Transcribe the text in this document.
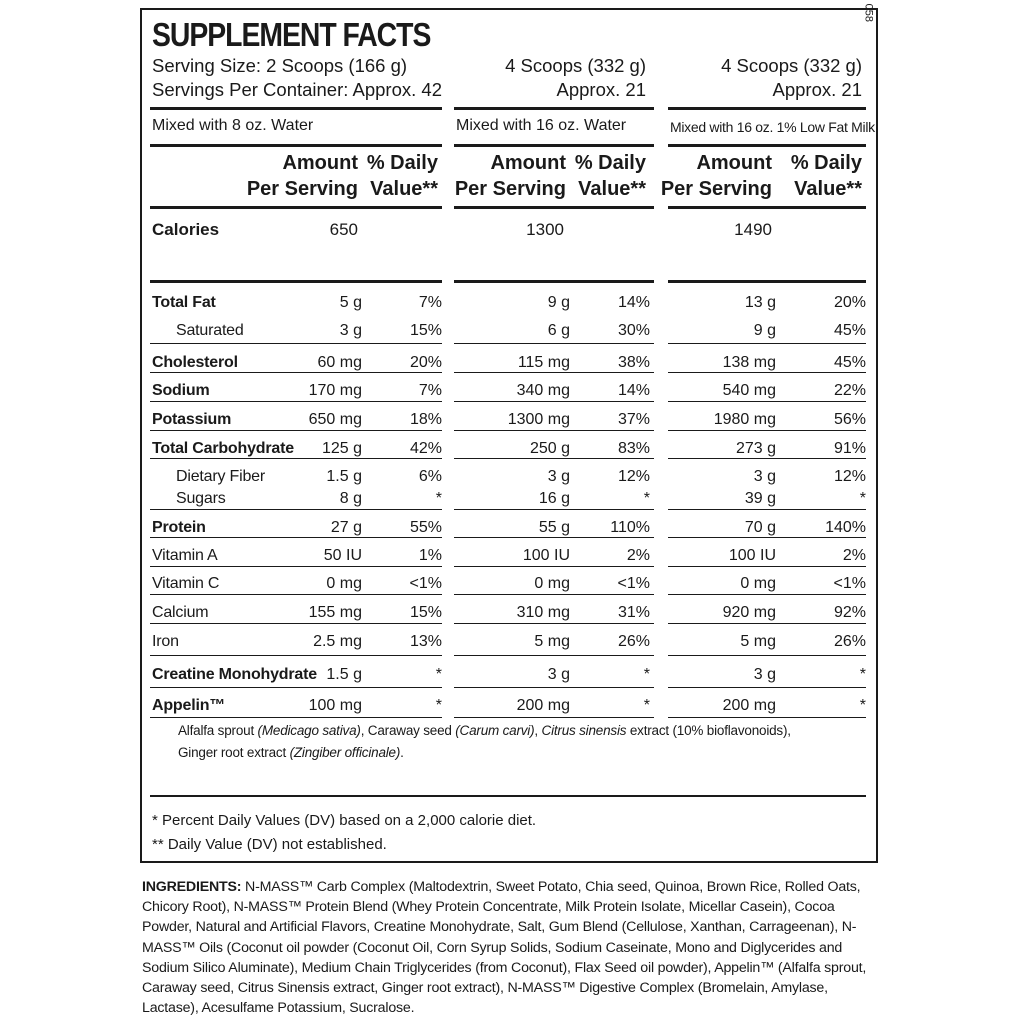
SUPPLEMENT FACTS
058
Serving Size: 2 Scoops (166 g)
Servings Per Container: Approx. 42
4 Scoops (332 g)
Approx. 21
4 Scoops (332 g)
Approx. 21
Mixed with 8 oz. Water	Mixed with 16 oz. Water	Mixed with 16 oz. 1% Low Fat Milk
Amount
Per Serving
% Daily
Value**
Amount
Per Serving
% Daily
Value**
Amount
Per Serving
% Daily
Value**
Calories	650	1300	1490
Total Fat	5 g	7%	9 g	14%	13 g	20%
Saturated	3 g	15%	6 g	30%	9 g	45%
Cholesterol	60 mg	20%	115 mg	38%	138 mg	45%
Sodium	170 mg	7%	340 mg	14%	540 mg	22%
Potassium	650 mg	18%	1300 mg	37%	1980 mg	56%
Total Carbohydrate 125 g	42%	250 g	83%	273 g	91%
Dietary Fiber	1.5 g	6%	3 g	12%	3 g	12%
Sugars	8 g	*	16 g	*	39 g	*
Protein	27 g	55%	55 g	110%	70 g	140%
Vitamin A	50 IU	1%	100 IU	2%	100 IU	2%
Vitamin C	0 mg	<1%	0 mg	<1%	0 mg	<1%
Calcium	155 mg	15%	310 mg	31%	920 mg	92%
Iron	2.5 mg	13%	5 mg	26%	5 mg	26%
Creatine Monohydrate 1.5 g	*	3 g	*	3 g	*
Appelin™	100 mg	*	200 mg	*	200 mg	*
Alfalfa sprout (Medicago sativa), Caraway seed (Carum carvi), Citrus sinensis extract (10% bioflavonoids),
Ginger root extract (Zingiber officinale).
* Percent Daily Values (DV) based on a 2,000 calorie diet.
** Daily Value (DV) not established.
INGREDIENTS: N-MASS™ Carb Complex (Maltodextrin, Sweet Potato, Chia seed, Quinoa, Brown Rice, Rolled Oats, Chicory Root), N-MASS™ Protein Blend (Whey Protein Concentrate, Milk Protein Isolate, Micellar Casein), Cocoa Powder, Natural and Artificial Flavors, Creatine Monohydrate, Salt, Gum Blend (Cellulose, Xanthan, Carrageenan), N-MASS™ Oils (Coconut oil powder (Coconut Oil, Corn Syrup Solids, Sodium Caseinate, Mono and Diglycerides and Sodium Silico Aluminate), Medium Chain Triglycerides (from Coconut), Flax Seed oil powder), Appelin™ (Alfalfa sprout, Caraway seed, Citrus Sinensis extract, Ginger root extract), N-MASS™ Digestive Complex (Bromelain, Amylase, Lactase), Acesulfame Potassium, Sucralose.
